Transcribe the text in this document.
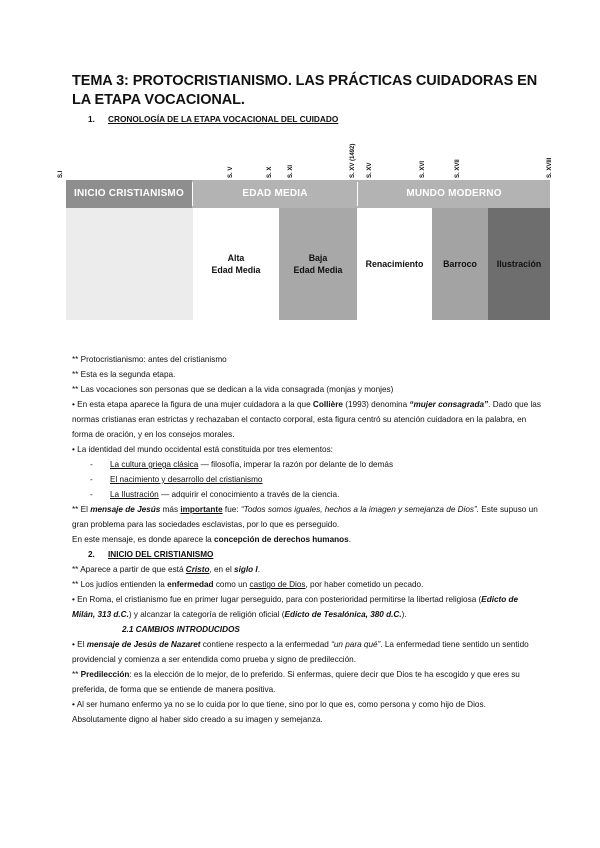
TEMA 3: PROTOCRISTIANISMO. LAS PRÁCTICAS CUIDADORAS EN LA ETAPA VOCACIONAL.
1. CRONOLOGÍA DE LA ETAPA VOCACIONAL DEL CUIDADO
S.I	S. V	S. X	S. XI	S. XV (1492) S. XV	S. XVI	S. XVII	S. XVIII
INICIO CRISTIANISMO	EDAD MEDIA	MUNDO MODERNO
Alta
Edad Media
Baja
Edad Media
Renacimiento	Barroco	Ilustración
** Protocristianismo: antes del cristianismo
** Esta es la segunda etapa.
** Las vocaciones son personas que se dedican a la vida consagrada (monjas y monjes)
• En esta etapa aparece la figura de una mujer cuidadora a la que Collière (1993) denomina “mujer consagrada”. Dado que las normas cristianas eran estrictas y rechazaban el contacto corporal, esta figura centró su atención cuidadora en la palabra, en forma de oración, y en los consejos morales.
• La identidad del mundo occidental está constituida por tres elementos:
- La cultura griega clásica — filosofía, imperar la razón por delante de lo demás
- El nacimiento y desarrollo del cristianismo
- La Ilustración — adquirir el conocimiento a través de la ciencia.
** El mensaje de Jesús más importante fue: “Todos somos iguales, hechos a la imagen y semejanza de Dios”. Este supuso un gran problema para las sociedades esclavistas, por lo que es perseguido.
En este mensaje, es donde aparece la concepción de derechos humanos.
2. INICIO DEL CRISTIANISMO
** Aparece a partir de que está Cristo, en el siglo I.
** Los judíos entienden la enfermedad como un castigo de Dios, por haber cometido un pecado.
• En Roma, el cristianismo fue en primer lugar perseguido, para con posterioridad permitirse la libertad religiosa (Edicto de Milán, 313 d.C.) y alcanzar la categoría de religión oficial (Edicto de Tesalónica, 380 d.C.).
2.1 CAMBIOS INTRODUCIDOS
• El mensaje de Jesús de Nazaret contiene respecto a la enfermedad “un para qué”. La enfermedad tiene sentido un sentido providencial y comienza a ser entendida como prueba y signo de predilección.
** Predilección: es la elección de lo mejor, de lo preferido. Si enfermas, quiere decir que Dios te ha escogido y que eres su preferida, de forma que se entiende de manera positiva.
• Al ser humano enfermo ya no se lo cuida por lo que tiene, sino por lo que es, como persona y como hijo de Dios. Absolutamente digno al haber sido creado a su imagen y semejanza.
